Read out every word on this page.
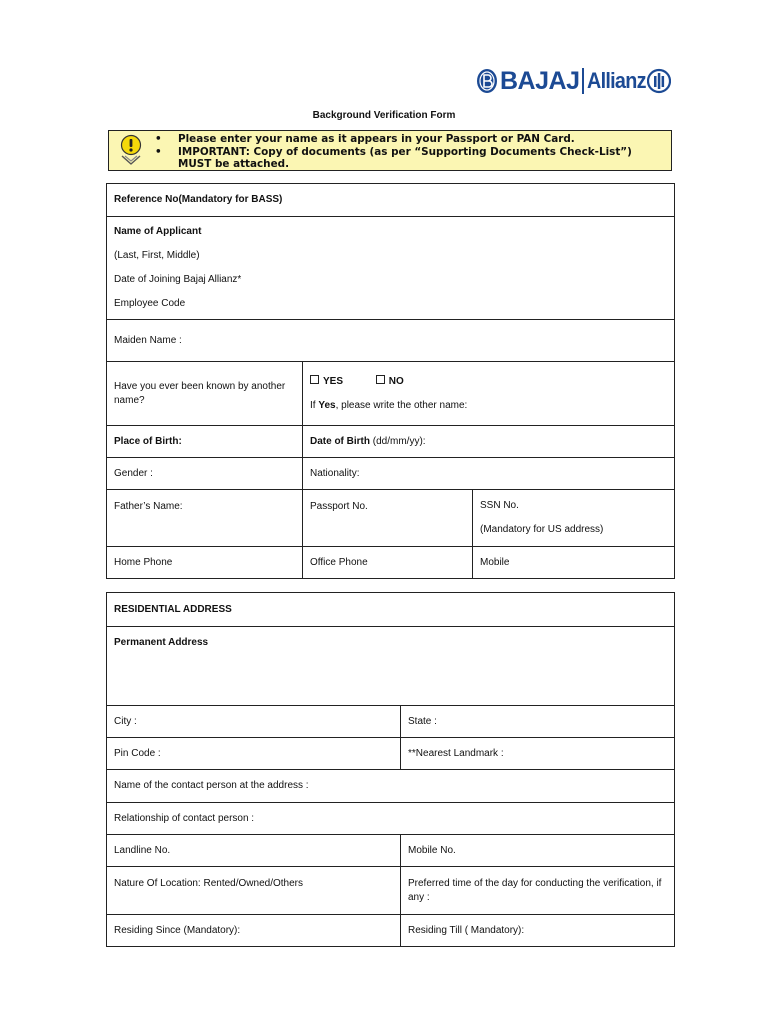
BAJAJ Allianz
Background Verification Form
• Please enter your name as it appears in your Passport or PAN Card.
• IMPORTANT: Copy of documents (as per “Supporting Documents Check-List”) MUST be attached.
Reference No(Mandatory for BASS)		

Name of Applicant

(Last, First, Middle)

Date of Joining Bajaj Allianz*

Employee Code		

Maiden Name :		
Have you ever been known by another name?	YES NO

If Yes, please write the other name:	

Place of Birth:	Date of Birth (dd/mm/yy):	
Gender :	Nationality:	
Father’s Name:	Passport No.	SSN No.

(Mandatory for US address)

Home Phone	Office Phone	Mobile
RESIDENTIAL ADDRESS	
Permanent Address	
City :	State :
Pin Code :	**Nearest Landmark :
Name of the contact person at the address :	
Relationship of contact person :	
Landline No.	Mobile No.
Nature Of Location: Rented/Owned/Others	Preferred time of the day for conducting the verification, if any :
Residing Since (Mandatory):	Residing Till ( Mandatory):
